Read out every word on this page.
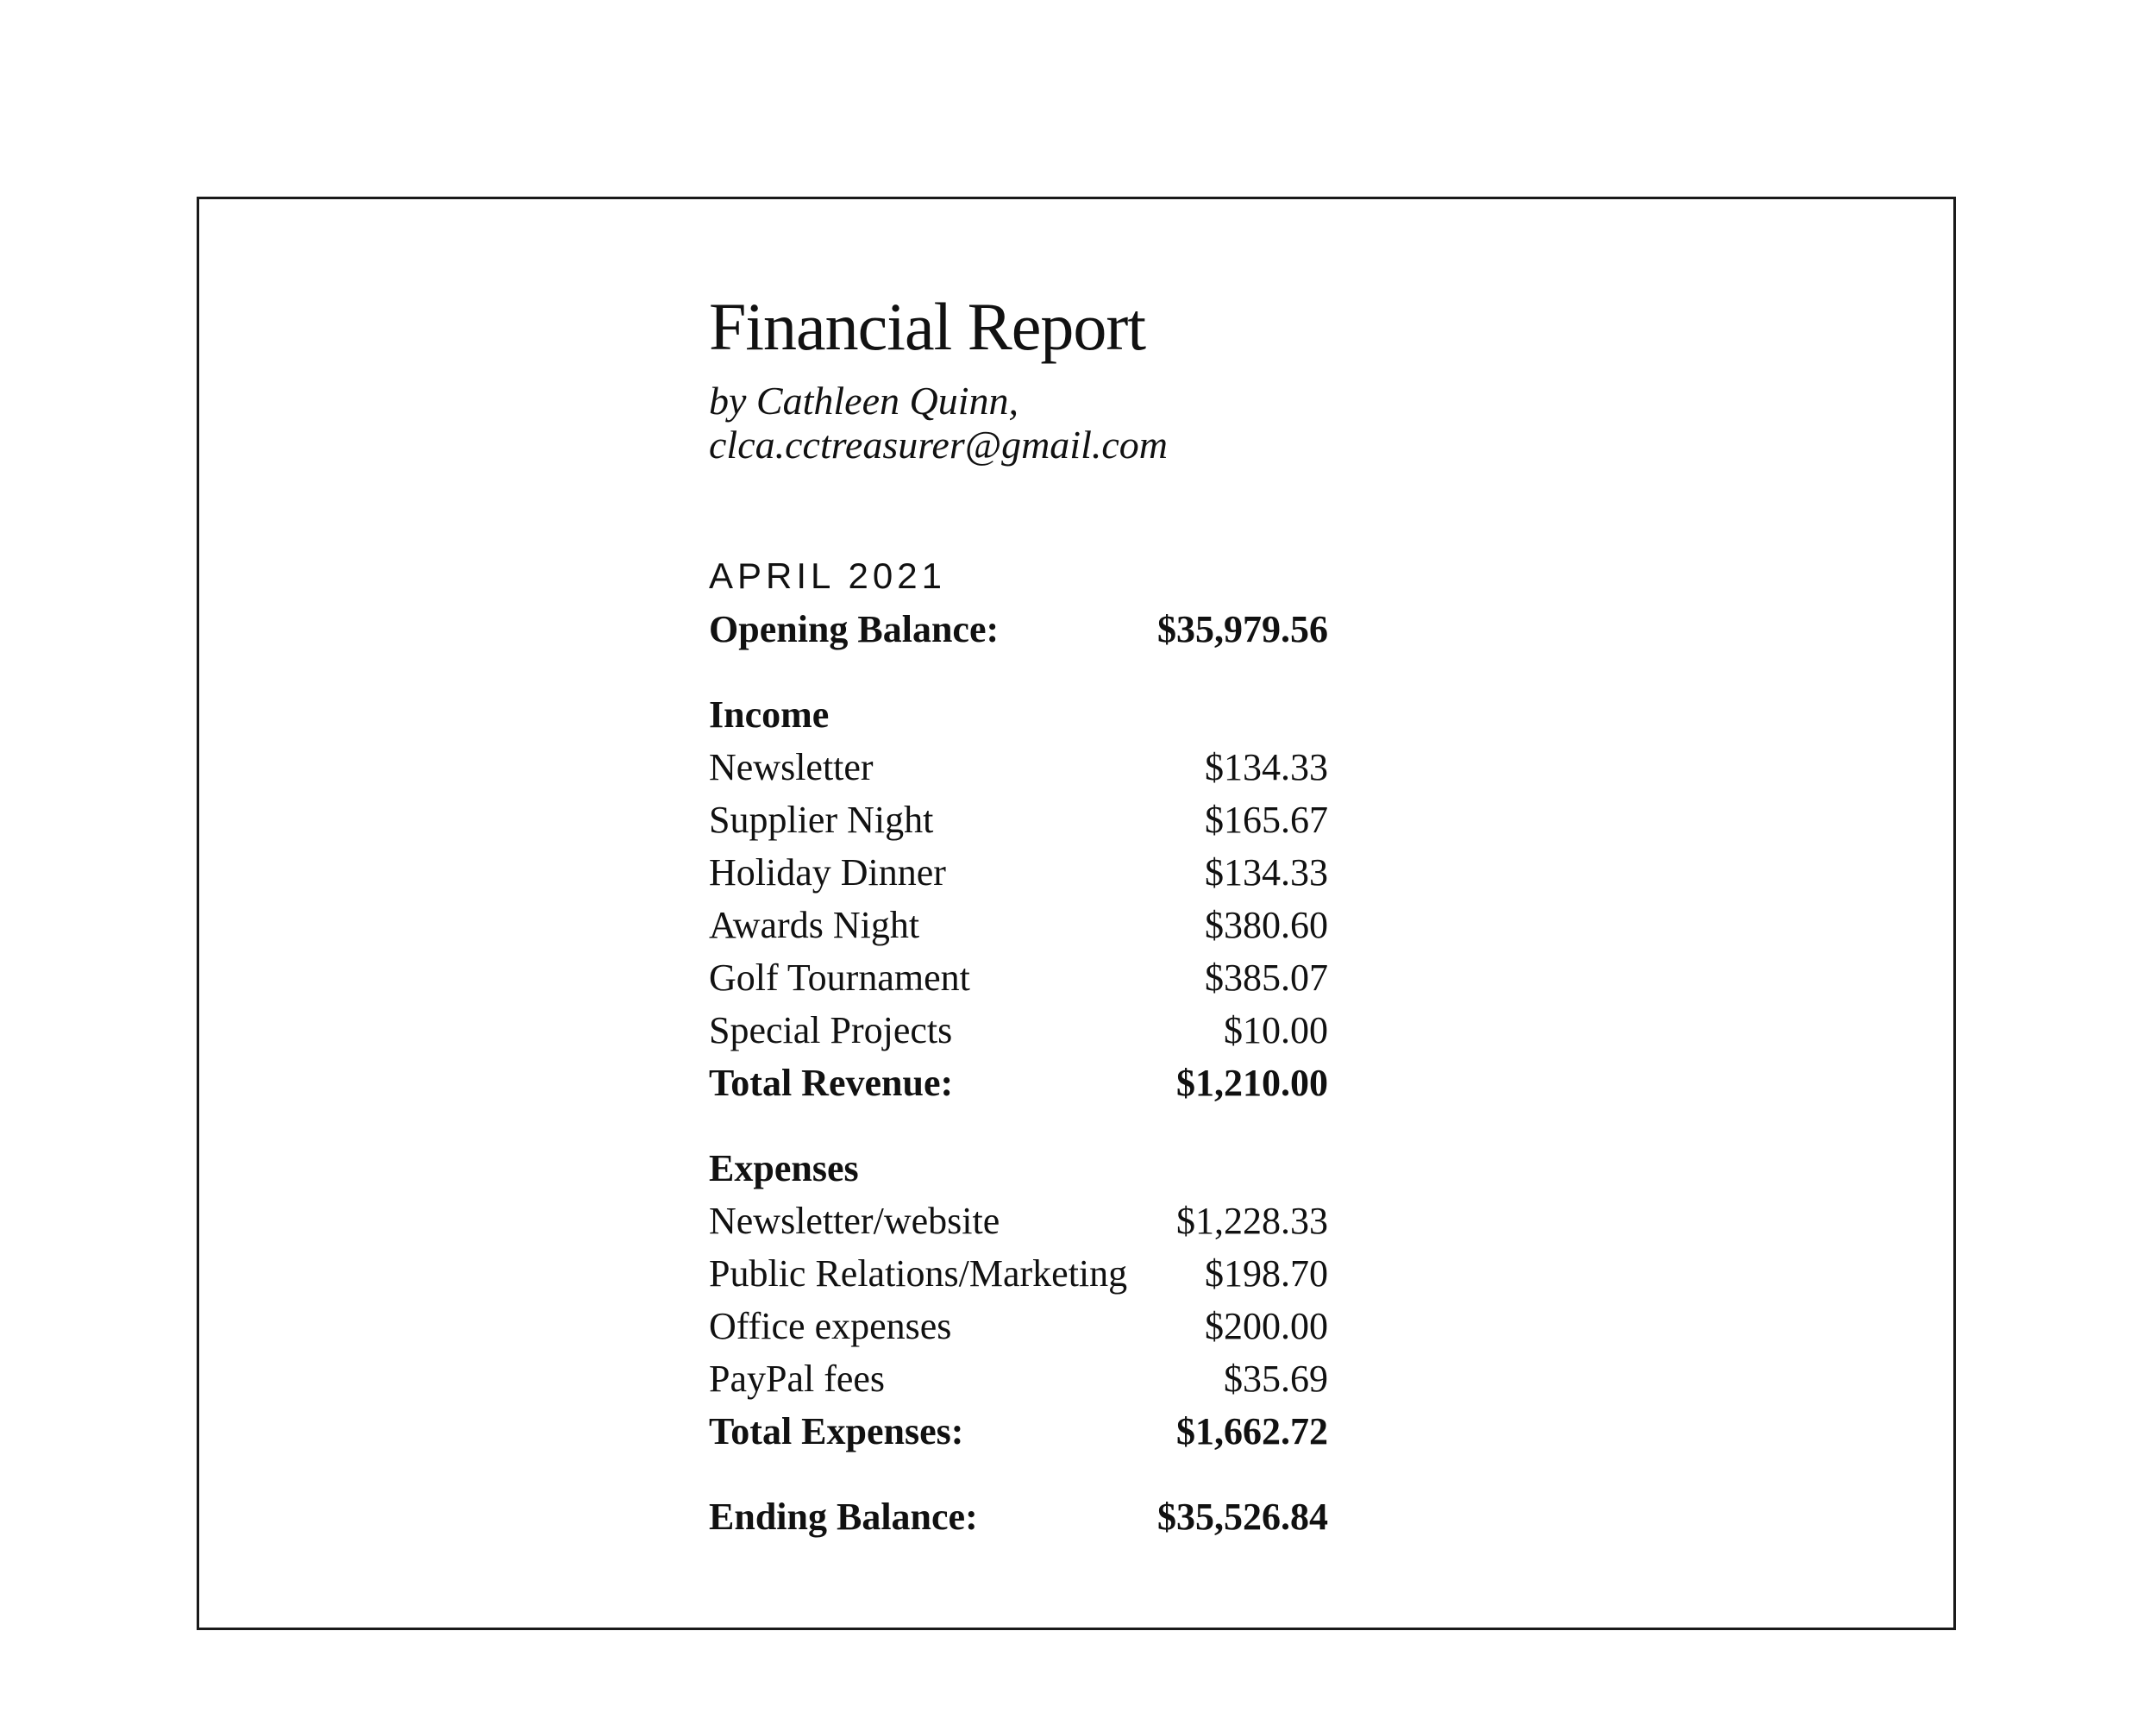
Financial Report
by Cathleen Quinn, clca.cctreasurer@gmail.com
APRIL 2021
Opening Balance:	$35,979.56
Income
Newsletter	$134.33
Supplier Night	$165.67
Holiday Dinner	$134.33
Awards Night	$380.60
Golf Tournament	$385.07
Special Projects	$10.00
Total Revenue:	$1,210.00
Expenses
Newsletter/website	$1,228.33
Public Relations/Marketing $198.70
Office expenses	$200.00
PayPal fees	$35.69
Total Expenses:	$1,662.72
Ending Balance:	$35,526.84
